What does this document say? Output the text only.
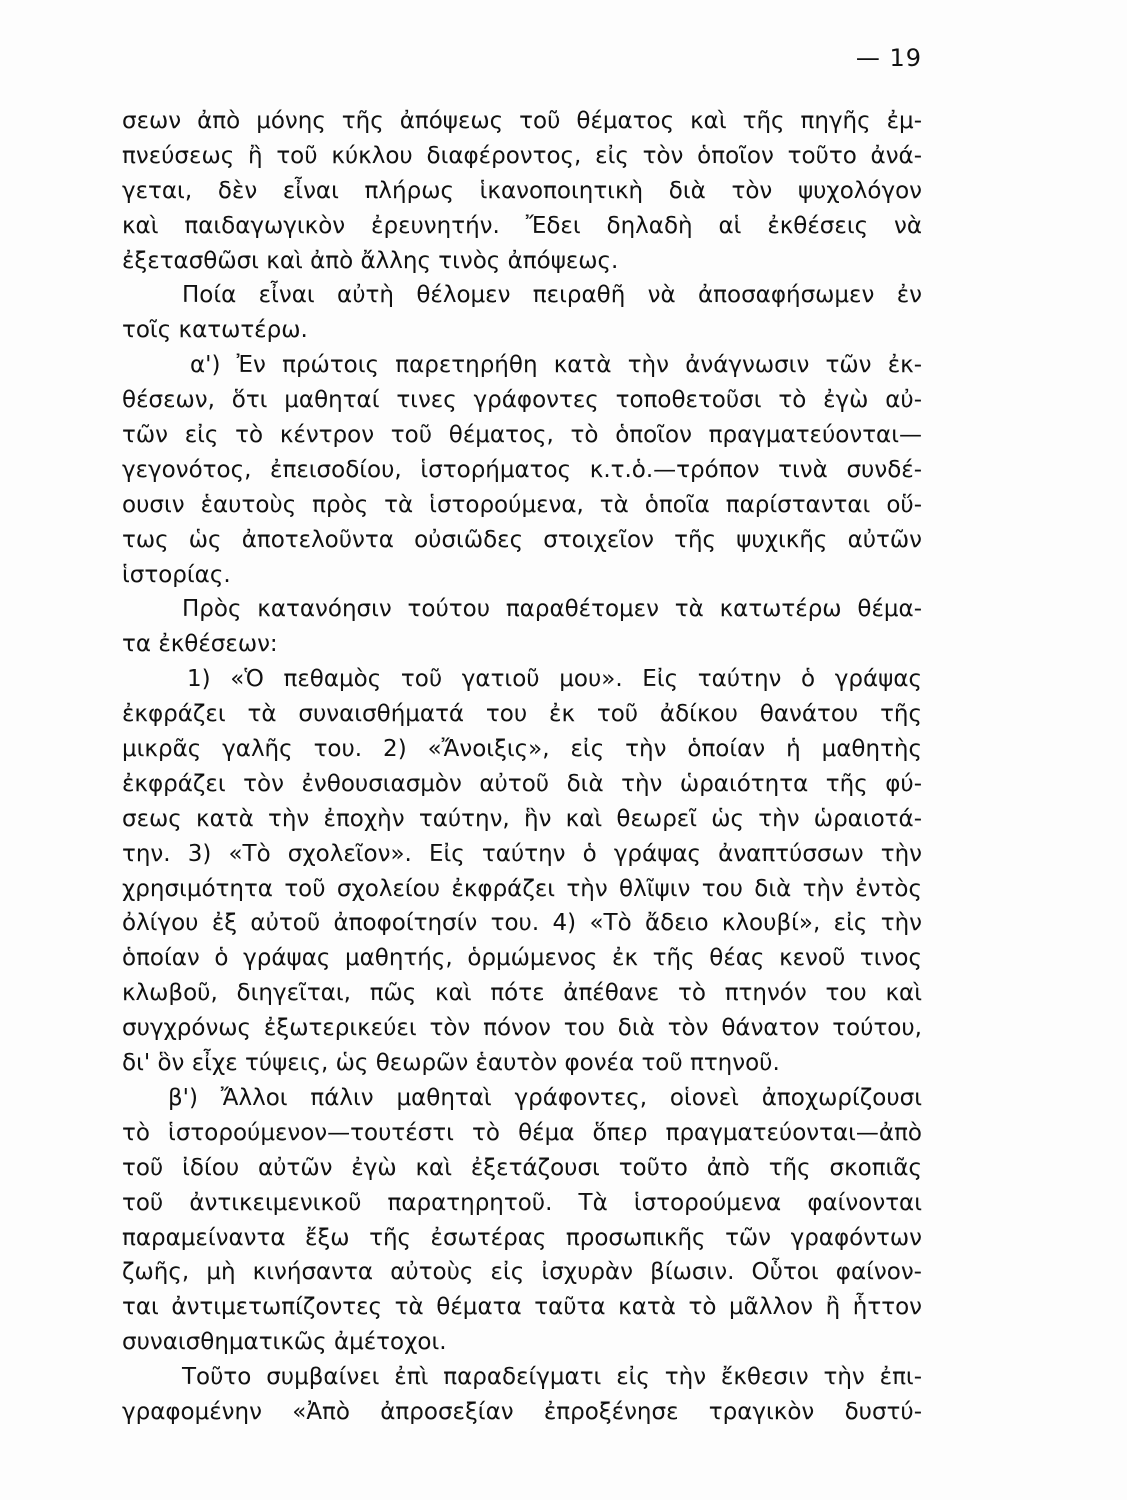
— 19
σεων ἀπὸ μόνης τῆς ἀπόψεως τοῦ θέματος καὶ τῆς πηγῆς ἐμ-
πνεύσεως ἢ τοῦ κύκλου διαφέροντος, εἰς τὸν ὁποῖον τοῦτο ἀνά-
γεται, δὲν εἶναι πλήρως ἱκανοποιητικὴ διὰ τὸν ψυχολόγον
καὶ παιδαγωγικὸν ἐρευνητήν. Ἔδει δηλαδὴ αἱ ἐκθέσεις νὰ
ἐξετασθῶσι καὶ ἀπὸ ἄλλης τινὸς ἀπόψεως.
Ποία εἶναι αὐτὴ θέλομεν πειραθῆ νὰ ἀποσαφήσωμεν ἐν
τοῖς κατωτέρω.
α') Ἐν πρώτοις παρετηρήθη κατὰ τὴν ἀνάγνωσιν τῶν ἐκ-
θέσεων, ὅτι μαθηταί τινες γράφοντες τοποθετοῦσι τὸ ἐγὼ αὐ-
τῶν εἰς τὸ κέντρον τοῦ θέματος, τὸ ὁποῖον πραγματεύονται—
γεγονότος, ἐπεισοδίου, ἱστορήματος κ.τ.ὁ.—τρόπον τινὰ συνδέ-
ουσιν ἑαυτοὺς πρὸς τὰ ἱστορούμενα, τὰ ὁποῖα παρίστανται οὕ-
τως ὡς ἀποτελοῦντα οὐσιῶδες στοιχεῖον τῆς ψυχικῆς αὐτῶν
ἱστορίας.
Πρὸς κατανόησιν τούτου παραθέτομεν τὰ κατωτέρω θέμα-
τα ἐκθέσεων:
1) «Ὁ πεθαμὸς τοῦ γατιοῦ μου». Εἰς ταύτην ὁ γράψας
ἐκφράζει τὰ συναισθήματά του ἐκ τοῦ ἀδίκου θανάτου τῆς
μικρᾶς γαλῆς του. 2) «Ἄνοιξις», εἰς τὴν ὁποίαν ἡ μαθητὴς
ἐκφράζει τὸν ἐνθουσιασμὸν αὐτοῦ διὰ τὴν ὡραιότητα τῆς φύ-
σεως κατὰ τὴν ἐποχὴν ταύτην, ἣν καὶ θεωρεῖ ὡς τὴν ὡραιοτά-
την. 3) «Τὸ σχολεῖον». Εἰς ταύτην ὁ γράψας ἀναπτύσσων τὴν
χρησιμότητα τοῦ σχολείου ἐκφράζει τὴν θλῖψιν του διὰ τὴν ἐντὸς
ὀλίγου ἐξ αὐτοῦ ἀποφοίτησίν του. 4) «Τὸ ἄδειο κλουβί», εἰς τὴν
ὁποίαν ὁ γράψας μαθητής, ὁρμώμενος ἐκ τῆς θέας κενοῦ τινος
κλωβοῦ, διηγεῖται, πῶς καὶ πότε ἀπέθανε τὸ πτηνόν του καὶ
συγχρόνως ἐξωτερικεύει τὸν πόνον του διὰ τὸν θάνατον τούτου,
δι' ὃν εἶχε τύψεις, ὡς θεωρῶν ἑαυτὸν φονέα τοῦ πτηνοῦ.
β') Ἄλλοι πάλιν μαθηταὶ γράφοντες, οἱονεὶ ἀποχωρίζουσι
τὸ ἱστορούμενον—τουτέστι τὸ θέμα ὅπερ πραγματεύονται—ἀπὸ
τοῦ ἰδίου αὐτῶν ἐγὼ καὶ ἐξετάζουσι τοῦτο ἀπὸ τῆς σκοπιᾶς
τοῦ ἀντικειμενικοῦ παρατηρητοῦ. Τὰ ἱστορούμενα φαίνονται
παραμείναντα ἔξω τῆς ἐσωτέρας προσωπικῆς τῶν γραφόντων
ζωῆς, μὴ κινήσαντα αὐτοὺς εἰς ἰσχυρὰν βίωσιν. Οὗτοι φαίνον-
ται ἀντιμετωπίζοντες τὰ θέματα ταῦτα κατὰ τὸ μᾶλλον ἢ ἧττον
συναισθηματικῶς ἀμέτοχοι.
Τοῦτο συμβαίνει ἐπὶ παραδείγματι εἰς τὴν ἔκθεσιν τὴν ἐπι-
γραφομένην «Ἀπὸ ἀπροσεξίαν ἐπροξένησε τραγικὸν δυστύ-
